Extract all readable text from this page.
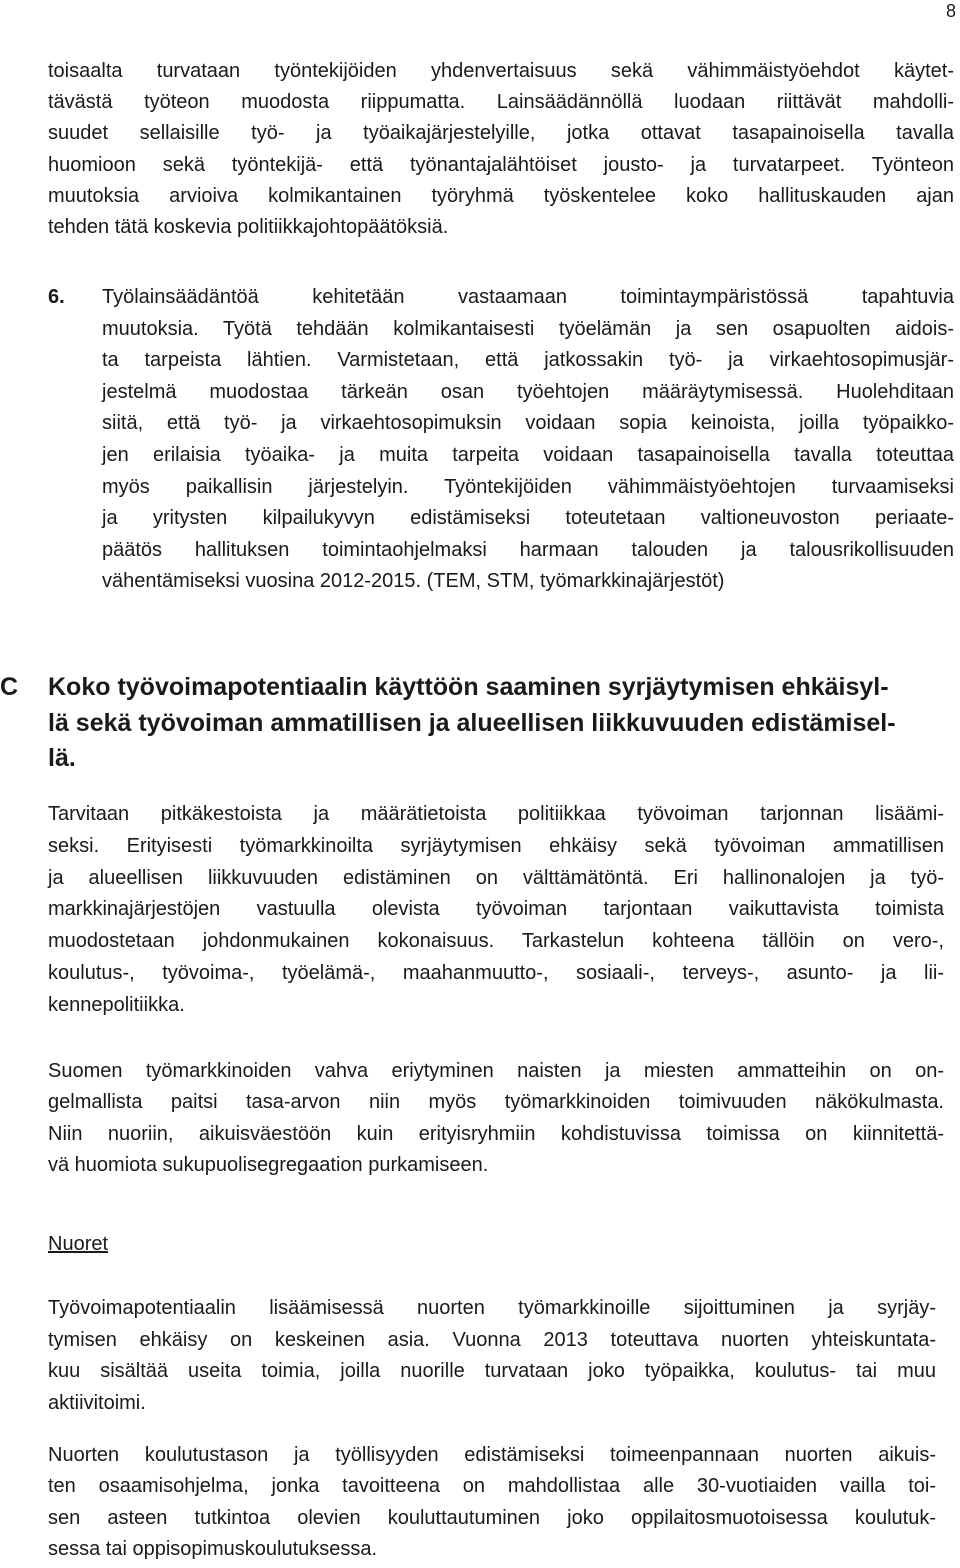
8
toisaalta turvataan työntekijöiden yhdenvertaisuus sekä vähimmäistyöehdot käytet-
tävästä työteon muodosta riippumatta. Lainsäädännöllä luodaan riittävät mahdolli-
suudet sellaisille työ- ja työaikajärjestelyille, jotka ottavat tasapainoisella tavalla
huomioon sekä työntekijä- että työnantajalähtöiset jousto- ja turvatarpeet. Työnteon
muutoksia arvioiva kolmikantainen työryhmä työskentelee koko hallituskauden ajan
tehden tätä koskevia politiikkajohtopäätöksiä.
6.	Työlainsäädäntöä kehitetään vastaamaan toimintaympäristössä tapahtuvia
muutoksia. Työtä tehdään kolmikantaisesti työelämän ja sen osapuolten aidois-
ta tarpeista lähtien. Varmistetaan, että jatkossakin työ- ja virkaehtosopimusjär-
jestelmä muodostaa tärkeän osan työehtojen määräytymisessä. Huolehditaan
siitä, että työ- ja virkaehtosopimuksin voidaan sopia keinoista, joilla työpaikko-
jen erilaisia työaika- ja muita tarpeita voidaan tasapainoisella tavalla toteuttaa
myös paikallisin järjestelyin. Työntekijöiden vähimmäistyöehtojen turvaamiseksi
ja yritysten kilpailukyvyn edistämiseksi toteutetaan valtioneuvoston periaate-
päätös hallituksen toimintaohjelmaksi harmaan talouden ja talousrikollisuuden
vähentämiseksi vuosina 2012-2015. (TEM, STM, työmarkkinajärjestöt)
C	Koko työvoimapotentiaalin käyttöön saaminen syrjäytymisen ehkäisyl-
lä sekä työvoiman ammatillisen ja alueellisen liikkuvuuden edistämisel-
lä.
Tarvitaan pitkäkestoista ja määrätietoista politiikkaa työvoiman tarjonnan lisäämi-
seksi. Erityisesti työmarkkinoilta syrjäytymisen ehkäisy sekä työvoiman ammatillisen
ja alueellisen liikkuvuuden edistäminen on välttämätöntä. Eri hallinonalojen ja työ-
markkinajärjestöjen vastuulla olevista työvoiman tarjontaan vaikuttavista toimista
muodostetaan johdonmukainen kokonaisuus. Tarkastelun kohteena tällöin on vero-,
koulutus-, työvoima-, työelämä-, maahanmuutto-, sosiaali-, terveys-, asunto- ja lii-
kennepolitiikka.
Suomen työmarkkinoiden vahva eriytyminen naisten ja miesten ammatteihin on on-
gelmallista paitsi tasa-arvon niin myös työmarkkinoiden toimivuuden näkökulmasta.
Niin nuoriin, aikuisväestöön kuin erityisryhmiin kohdistuvissa toimissa on kiinnitettä-
vä huomiota sukupuolisegregaation purkamiseen.
Nuoret
Työvoimapotentiaalin lisäämisessä nuorten työmarkkinoille sijoittuminen ja syrjäy-
tymisen ehkäisy on keskeinen asia. Vuonna 2013 toteuttava nuorten yhteiskuntata-
kuu sisältää useita toimia, joilla nuorille turvataan joko työpaikka, koulutus- tai muu
aktiivitoimi.
Nuorten koulutustason ja työllisyyden edistämiseksi toimeenpannaan nuorten aikuis-
ten osaamisohjelma, jonka tavoitteena on mahdollistaa alle 30-vuotiaiden vailla toi-
sen asteen tutkintoa olevien kouluttautuminen joko oppilaitosmuotoisessa koulutuk-
sessa tai oppisopimuskoulutuksessa.
